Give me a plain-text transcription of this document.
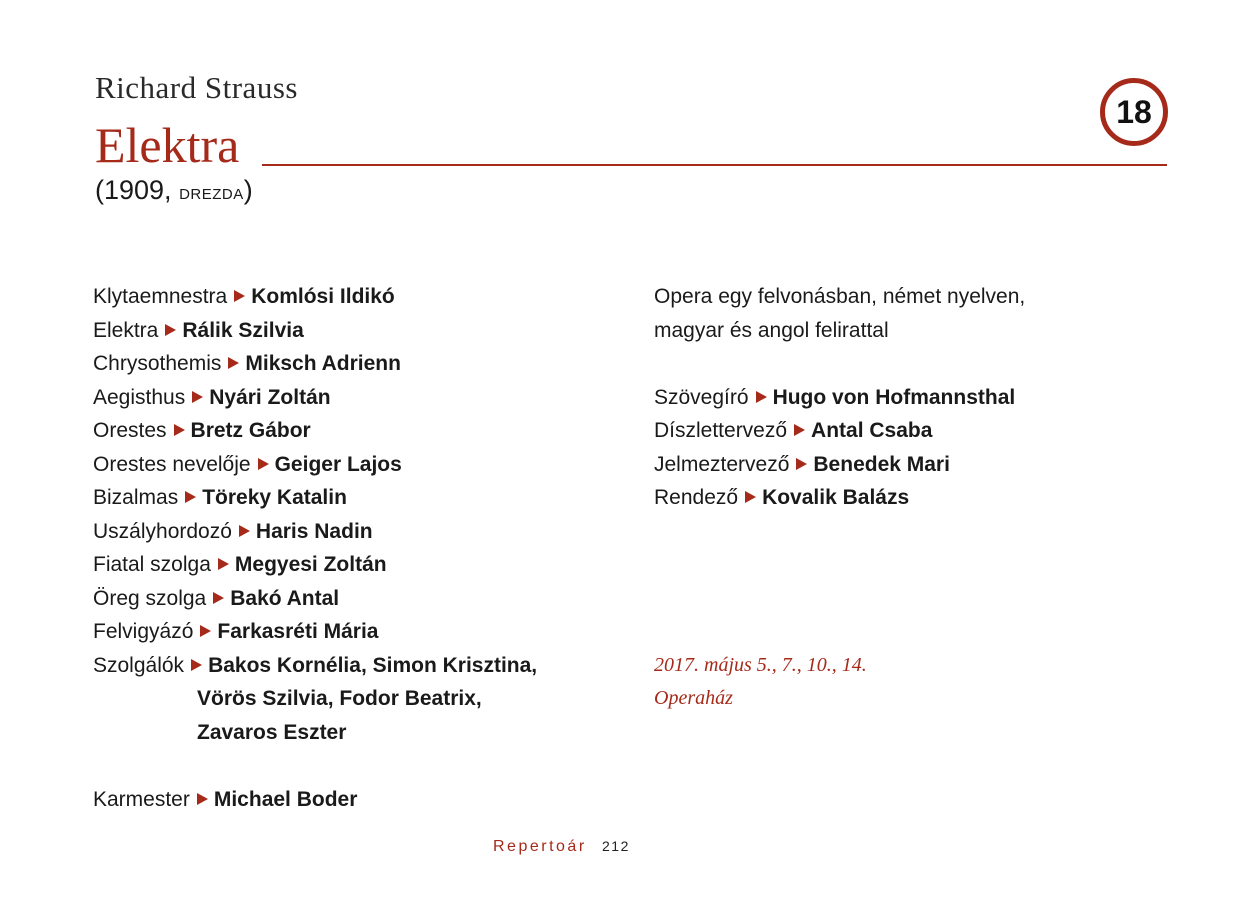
Richard Strauss
Elektra
(1909, DREZDA)
18
Klytaemnestra Komlósi Ildikó
Elektra Rálik Szilvia
Chrysothemis Miksch Adrienn
Aegisthus Nyári Zoltán
Orestes Bretz Gábor
Orestes nevelője Geiger Lajos
Bizalmas Töreky Katalin
Uszályhordozó Haris Nadin
Fiatal szolga Megyesi Zoltán
Öreg szolga Bakó Antal
Felvigyázó Farkasréti Mária
Szolgálók Bakos Kornélia, Simon Krisztina,
Vörös Szilvia, Fodor Beatrix,
Zavaros Eszter
Karmester Michael Boder
Opera egy felvonásban, német nyelven,
magyar és angol felirattal
Szövegíró Hugo von Hofmannsthal
Díszlettervező Antal Csaba
Jelmeztervező Benedek Mari
Rendező Kovalik Balázs
2017. május 5., 7., 10., 14.
Operaház
Repertoár 212
